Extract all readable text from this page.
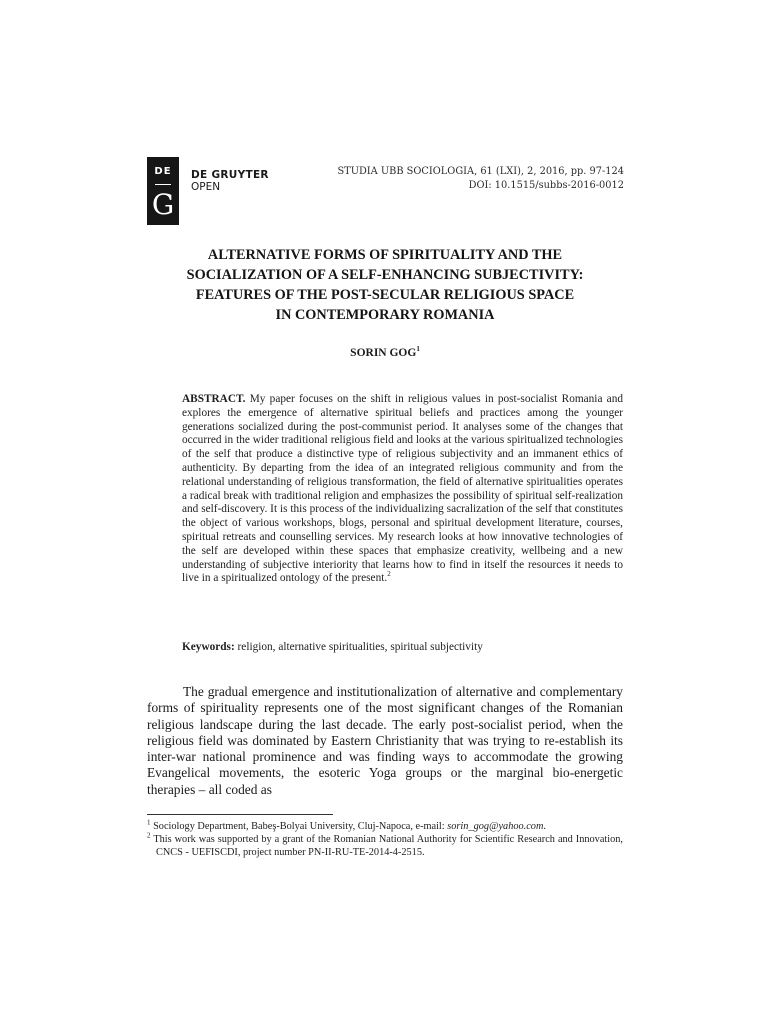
DE
G
DE GRUYTER
OPEN
STUDIA UBB SOCIOLOGIA, 61 (LXI), 2, 2016, pp. 97-124
DOI: 10.1515/subbs-2016-0012
ALTERNATIVE FORMS OF SPIRITUALITY AND THE
SOCIALIZATION OF A SELF-ENHANCING SUBJECTIVITY:
FEATURES OF THE POST-SECULAR RELIGIOUS SPACE
IN CONTEMPORARY ROMANIA
SORIN GOG$^1$
ABSTRACT. My paper focuses on the shift in religious values in post-socialist Romania and explores the emergence of alternative spiritual beliefs and practices among the younger generations socialized during the post-communist period. It analyses some of the changes that occurred in the wider traditional religious field and looks at the various spiritualized technologies of the self that produce a distinctive type of religious subjectivity and an immanent ethics of authenticity. By departing from the idea of an integrated religious community and from the relational understanding of religious transformation, the field of alternative spiritualities operates a radical break with traditional religion and emphasizes the possibility of spiritual self-realization and self-discovery. It is this process of the individualizing sacralization of the self that constitutes the object of various workshops, blogs, personal and spiritual development literature, courses, spiritual retreats and counselling services. My research looks at how innovative technologies of the self are developed within these spaces that emphasize creativity, wellbeing and a new understanding of subjective interiority that learns how to find in itself the resources it needs to live in a spiritualized ontology of the present.$^2$
Keywords: religion, alternative spiritualities, spiritual subjectivity
The gradual emergence and institutionalization of alternative and complementary forms of spirituality represents one of the most significant changes of the Romanian religious landscape during the last decade. The early post-socialist period, when the religious field was dominated by Eastern Christianity that was trying to re-establish its inter-war national prominence and was finding ways to accommodate the growing Evangelical movements, the esoteric Yoga groups or the marginal bio-energetic therapies – all coded as
$^1$ Sociology Department, Babeş-Bolyai University, Cluj-Napoca, e-mail: sorin_gog@yahoo.com.
$^2$ This work was supported by a grant of the Romanian National Authority for Scientific Research and Innovation, CNCS - UEFISCDI, project number PN-II-RU-TE-2014-4-2515.
